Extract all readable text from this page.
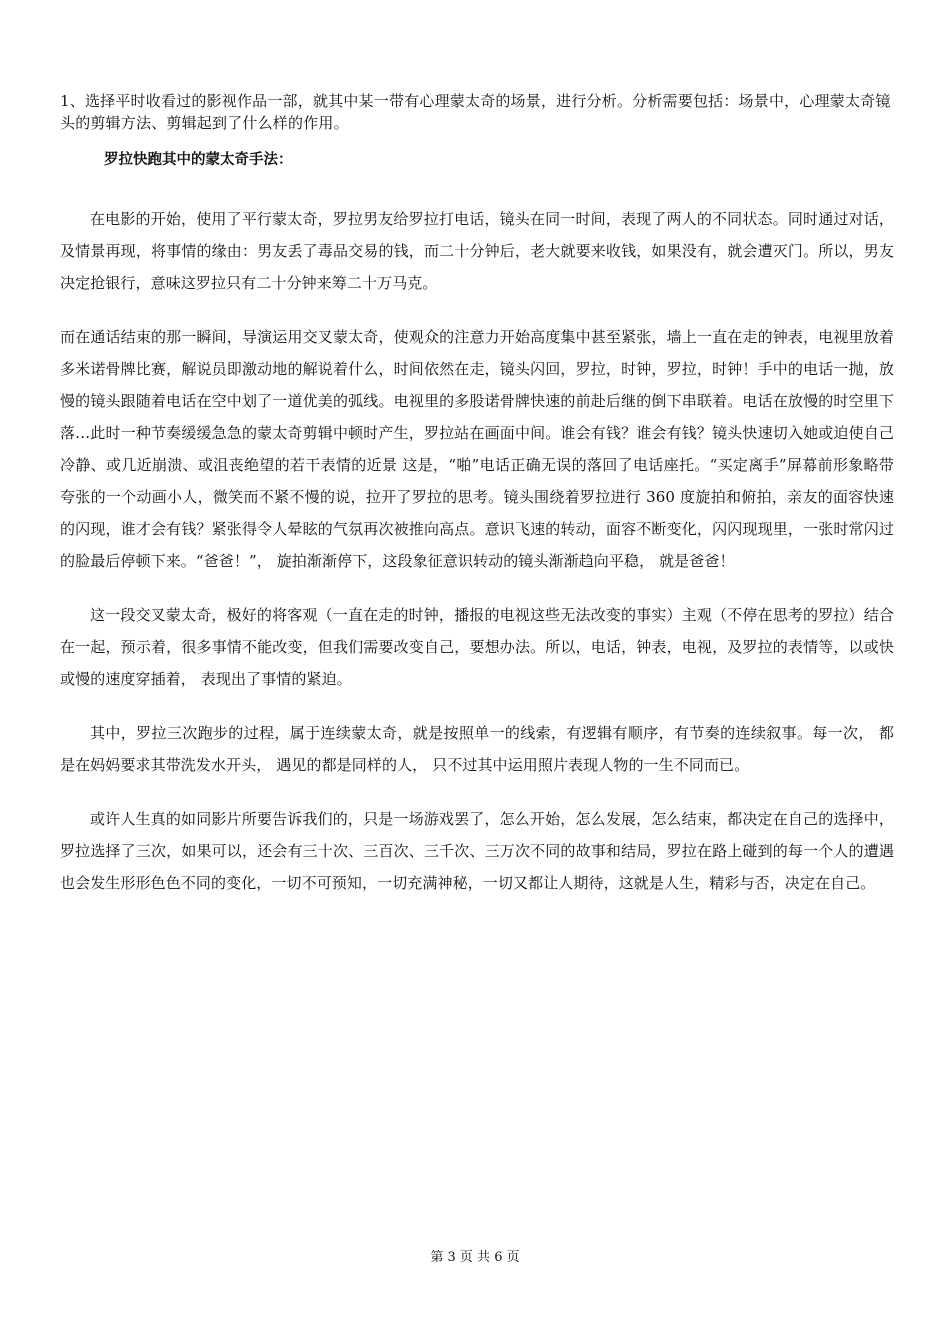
1、选择平时收看过的影视作品一部，就其中某一带有心理蒙太奇的场景，进行分析。分析需要包括：场景中，心理蒙太奇镜头的剪辑方法、剪辑起到了什么样的作用。

罗拉快跑其中的蒙太奇手法：

在电影的开始，使用了平行蒙太奇，罗拉男友给罗拉打电话，镜头在同一时间，表现了两人的不同状态。同时通过对话，及情景再现，将事情的缘由：男友丢了毒品交易的钱，而二十分钟后，老大就要来收钱，如果没有，就会遭灭门。所以，男友决定抢银行，意味这罗拉只有二十分钟来筹二十万马克。

而在通话结束的那一瞬间，导演运用交叉蒙太奇，使观众的注意力开始高度集中甚至紧张，墙上一直在走的钟表，电视里放着多米诺骨牌比赛，解说员即激动地的解说着什么，时间依然在走，镜头闪回，罗拉，时钟，罗拉，时钟！手中的电话一抛，放慢的镜头跟随着电话在空中划了一道优美的弧线。电视里的多股诺骨牌快速的前赴后继的倒下串联着。电话在放慢的时空里下落…此时一种节奏缓缓急急的蒙太奇剪辑中顿时产生，罗拉站在画面中间。谁会有钱？谁会有钱？镜头快速切入她或迫使自己冷静、或几近崩溃、或沮丧绝望的若干表情的近景 这是，“啪”电话正确无误的落回了电话座托。“买定离手”屏幕前形象略带夸张的一个动画小人，微笑而不紧不慢的说，拉开了罗拉的思考。镜头围绕着罗拉进行 360 度旋拍和俯拍，亲友的面容快速的闪现，谁才会有钱？紧张得令人晕眩的气氛再次被推向高点。意识飞速的转动，面容不断变化，闪闪现现里，一张时常闪过的脸最后停顿下来。“爸爸！”， 旋拍渐渐停下，这段象征意识转动的镜头渐渐趋向平稳， 就是爸爸！

这一段交叉蒙太奇，极好的将客观（一直在走的时钟，播报的电视这些无法改变的事实）主观（不停在思考的罗拉）结合在一起，预示着，很多事情不能改变，但我们需要改变自己，要想办法。所以，电话，钟表，电视，及罗拉的表情等，以或快或慢的速度穿插着， 表现出了事情的紧迫。

其中，罗拉三次跑步的过程，属于连续蒙太奇，就是按照单一的线索，有逻辑有顺序，有节奏的连续叙事。每一次， 都是在妈妈要求其带洗发水开头， 遇见的都是同样的人， 只不过其中运用照片表现人物的一生不同而已。

或许人生真的如同影片所要告诉我们的，只是一场游戏罢了，怎么开始，怎么发展，怎么结束，都决定在自己的选择中，罗拉选择了三次，如果可以，还会有三十次、三百次、三千次、三万次不同的故事和结局，罗拉在路上碰到的每一个人的遭遇也会发生形形色色不同的变化，一切不可预知，一切充满神秘，一切又都让人期待，这就是人生，精彩与否，决定在自己。

第 3 页 共 6 页
